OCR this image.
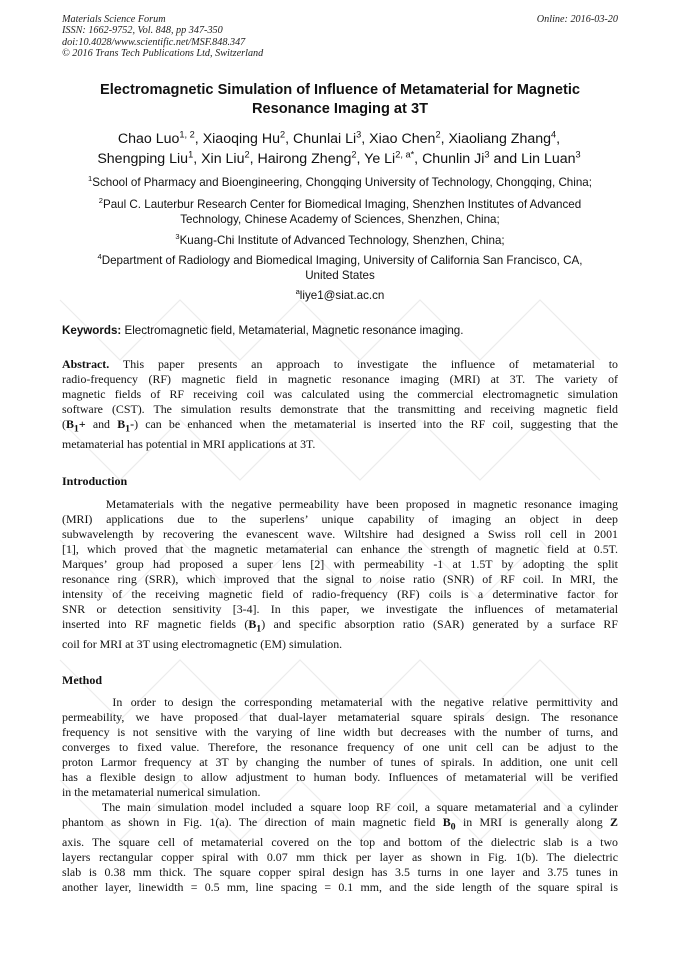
Materials Science Forum
ISSN: 1662-9752, Vol. 848, pp 347-350
doi:10.4028/www.scientific.net/MSF.848.347
© 2016 Trans Tech Publications Ltd, Switzerland
Online: 2016-03-20
Electromagnetic Simulation of Influence of Metamaterial for Magnetic
Resonance Imaging at 3T
Chao Luo$^{1, 2}$, Xiaoqing Hu$^2$, Chunlai Li$^3$, Xiao Chen$^2$, Xiaoliang Zhang$^4$,
Shengping Liu$^1$, Xin Liu$^2$, Hairong Zheng$^2$, Ye $Li^{2, a*}$, Chunlin Ji$^3$ and Lin Luan$^3$
$^1$School of Pharmacy and Bioengineering, Chongqing University of Technology, Chongqing, China;
$^2$Paul C. Lauterbur Research Center for Biomedical Imaging, Shenzhen Institutes of Advanced
Technology, Chinese Academy of Sciences, Shenzhen, China;
$^3$Kuang-Chi Institute of Advanced Technology, Shenzhen, China;
$^4$Department of Radiology and Biomedical Imaging, University of California San Francisco, CA,
United States
$^a$liye1@siat.ac.cn
Keywords: Electromagnetic field, Metamaterial, Magnetic resonance imaging.
Abstract. This paper presents an approach to investigate the influence of metamaterial to
radio-frequency (RF) magnetic field in magnetic resonance imaging (MRI) at 3T. The variety of
magnetic fields of RF receiving coil was calculated using the commercial electromagnetic simulation
software (CST). The simulation results demonstrate that the transmitting and receiving magnetic field
($B_1+$ and $B_1-$) can be enhanced when the metamaterial is inserted into the RF coil, suggesting that the
metamaterial has potential in MRI applications at 3T.
Introduction
Metamaterials with the negative permeability have been proposed in magnetic resonance imaging
(MRI) applications due to the superlens’ unique capability of imaging an object in deep
subwavelength by recovering the evanescent wave. Wiltshire had designed a Swiss roll cell in 2001
[1], which proved that the magnetic metamaterial can enhance the strength of magnetic field at 0.5T.
Marques’ group had proposed a super lens [2] with permeability -1 at 1.5T by adopting the split
resonance ring (SRR), which improved that the signal to noise ratio (SNR) of RF coil. In MRI, the
intensity of the receiving magnetic field of radio-frequency (RF) coils is a determinative factor for
SNR or detection sensitivity [3-4]. In this paper, we investigate the influences of metamaterial
inserted into RF magnetic fields $(B_1)$ and specific absorption ratio (SAR) generated by a surface RF
coil for MRI at 3T using electromagnetic (EM) simulation.
Method
In order to design the corresponding metamaterial with the negative relative permittivity and
permeability, we have proposed that dual-layer metamaterial square spirals design. The resonance
frequency is not sensitive with the varying of line width but decreases with the number of turns, and
converges to fixed value. Therefore, the resonance frequency of one unit cell can be adjust to the
proton Larmor frequency at 3T by changing the number of tunes of spirals. In addition, one unit cell
has a flexible design to allow adjustment to human body. Influences of metamaterial will be verified
in the metamaterial numerical simulation.
The main simulation model included a square loop RF coil, a square metamaterial and a cylinder
phantom as shown in Fig. 1(a). The direction of main magnetic field $B_0$ in MRI is generally along Z
axis. The square cell of metamaterial covered on the top and bottom of the dielectric slab is a two
layers rectangular copper spiral with 0.07 mm thick per layer as shown in Fig. 1(b). The dielectric
slab is 0.38 mm thick. The square copper spiral design has 3.5 turns in one layer and 3.75 tunes in
another layer, linewidth = 0.5 mm, line spacing = 0.1 mm, and the side length of the square spiral is
